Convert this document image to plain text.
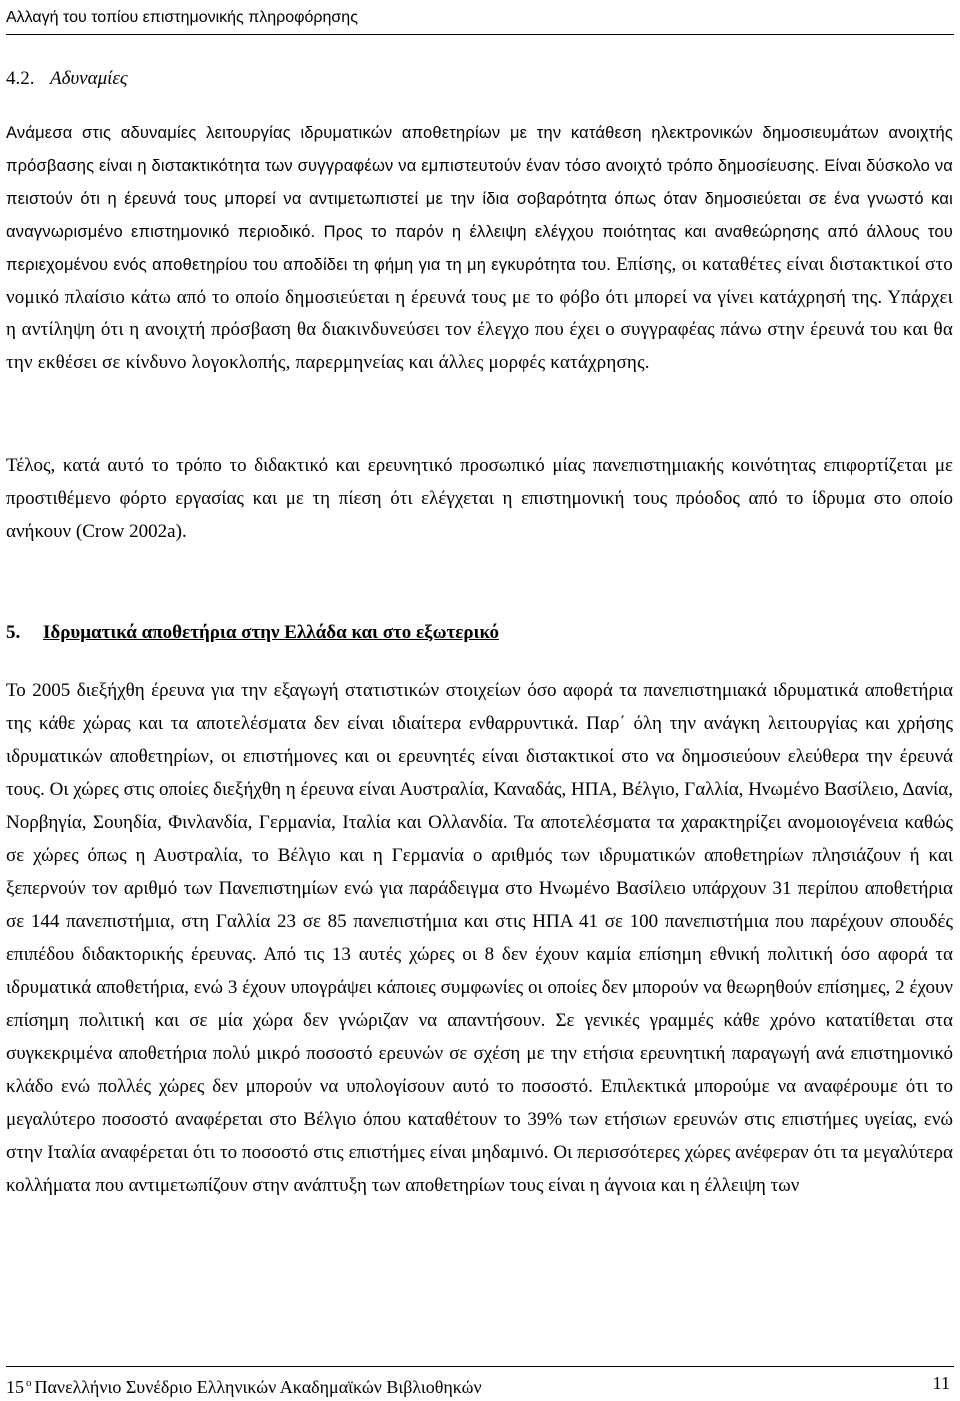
Αλλαγή του τοπίου επιστημονικής πληροφόρησης
4.2. Αδυναμίες

Ανάμεσα στις αδυναμίες λειτουργίας ιδρυματικών αποθετηρίων με την κατάθεση ηλεκτρονικών δημοσιευμάτων ανοιχτής πρόσβασης είναι η διστακτικότητα των συγγραφέων να εμπιστευτούν έναν τόσο ανοιχτό τρόπο δημοσίευσης. Είναι δύσκολο να πειστούν ότι η έρευνά τους μπορεί να αντιμετωπιστεί με την ίδια σοβαρότητα όπως όταν δημοσιεύεται σε ένα γνωστό και αναγνωρισμένο επιστημονικό περιοδικό. Προς το παρόν η έλλειψη ελέγχου ποιότητας και αναθεώρησης από άλλους του περιεχομένου ενός αποθετηρίου του αποδίδει τη φήμη για τη μη εγκυρότητα του. Επίσης, οι καταθέτες είναι διστακτικοί στο νομικό πλαίσιο κάτω από το οποίο δημοσιεύεται η έρευνά τους με το φόβο ότι μπορεί να γίνει κατάχρησή της. Υπάρχει η αντίληψη ότι η ανοιχτή πρόσβαση θα διακινδυνεύσει τον έλεγχο που έχει ο συγγραφέας πάνω στην έρευνά του και θα την εκθέσει σε κίνδυνο λογοκλοπής, παρερμηνείας και άλλες μορφές κατάχρησης.

Τέλος, κατά αυτό το τρόπο το διδακτικό και ερευνητικό προσωπικό μίας πανεπιστημιακής κοινότητας επιφορτίζεται με προστιθέμενο φόρτο εργασίας και με τη πίεση ότι ελέγχεται η επιστημονική τους πρόοδος από το ίδρυμα στο οποίο ανήκουν (Crow 2002a).

5. Ιδρυματικά αποθετήρια στην Ελλάδα και στο εξωτερικό

Το 2005 διεξήχθη έρευνα για την εξαγωγή στατιστικών στοιχείων όσο αφορά τα πανεπιστημιακά ιδρυματικά αποθετήρια της κάθε χώρας και τα αποτελέσματα δεν είναι ιδιαίτερα ενθαρρυντικά. Παρ΄ όλη την ανάγκη λειτουργίας και χρήσης ιδρυματικών αποθετηρίων, οι επιστήμονες και οι ερευνητές είναι διστακτικοί στο να δημοσιεύουν ελεύθερα την έρευνά τους. Οι χώρες στις οποίες διεξήχθη η έρευνα είναι Αυστραλία, Καναδάς, ΗΠΑ, Βέλγιο, Γαλλία, Ηνωμένο Βασίλειο, Δανία, Νορβηγία, Σουηδία, Φινλανδία, Γερμανία, Ιταλία και Ολλανδία. Τα αποτελέσματα τα χαρακτηρίζει ανομοιογένεια καθώς σε χώρες όπως η Αυστραλία, το Βέλγιο και η Γερμανία ο αριθμός των ιδρυματικών αποθετηρίων πλησιάζουν ή και ξεπερνούν τον αριθμό των Πανεπιστημίων ενώ για παράδειγμα στο Ηνωμένο Βασίλειο υπάρχουν 31 περίπου αποθετήρια σε 144 πανεπιστήμια, στη Γαλλία 23 σε 85 πανεπιστήμια και στις ΗΠΑ 41 σε 100 πανεπιστήμια που παρέχουν σπουδές επιπέδου διδακτορικής έρευνας. Από τις 13 αυτές χώρες οι 8 δεν έχουν καμία επίσημη εθνική πολιτική όσο αφορά τα ιδρυματικά αποθετήρια, ενώ 3 έχουν υπογράψει κάποιες συμφωνίες οι οποίες δεν μπορούν να θεωρηθούν επίσημες, 2 έχουν επίσημη πολιτική και σε μία χώρα δεν γνώριζαν να απαντήσουν. Σε γενικές γραμμές κάθε χρόνο κατατίθεται στα συγκεκριμένα αποθετήρια πολύ μικρό ποσοστό ερευνών σε σχέση με την ετήσια ερευνητική παραγωγή ανά επιστημονικό κλάδο ενώ πολλές χώρες δεν μπορούν να υπολογίσουν αυτό το ποσοστό. Επιλεκτικά μπορούμε να αναφέρουμε ότι το μεγαλύτερο ποσοστό αναφέρεται στο Βέλγιο όπου καταθέτουν το 39% των ετήσιων ερευνών στις επιστήμες υγείας, ενώ στην Ιταλία αναφέρεται ότι το ποσοστό στις επιστήμες είναι μηδαμινό. Οι περισσότερες χώρες ανέφεραν ότι τα μεγαλύτερα κολλήματα που αντιμετωπίζουν στην ανάπτυξη των αποθετηρίων τους είναι η άγνοια και η έλλειψη των

15 $^o$ Πανελλήνιο Συνέδριο Ελληνικών Ακαδημαϊκών Βιβλιοθηκών	11
